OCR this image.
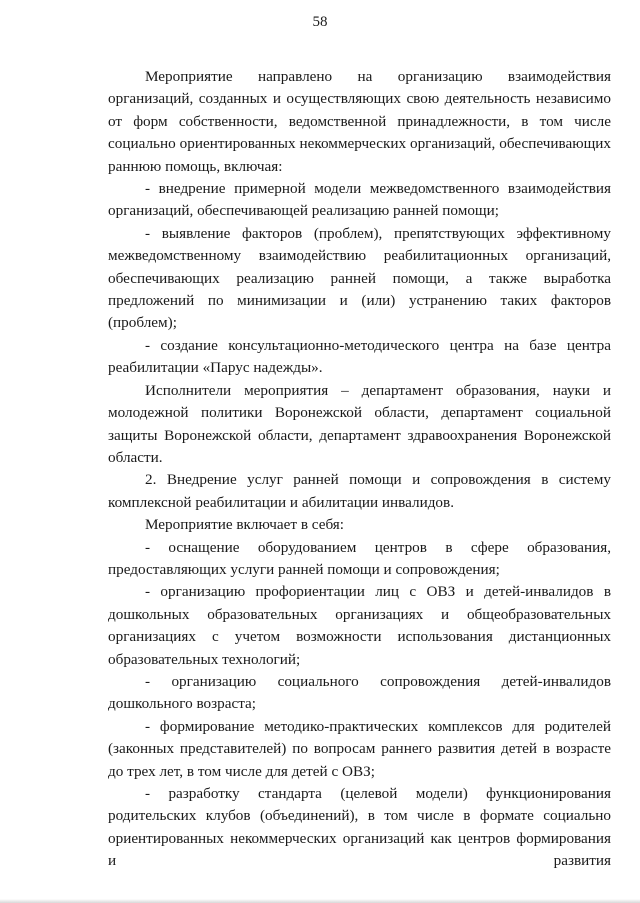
58

Мероприятие направлено на организацию взаимодействия организаций, созданных и осуществляющих свою деятельность независимо от форм собственности, ведомственной принадлежности, в том числе социально ориентированных некоммерческих организаций, обеспечивающих раннюю помощь, включая:

- внедрение примерной модели межведомственного взаимодействия организаций, обеспечивающей реализацию ранней помощи;

- выявление факторов (проблем), препятствующих эффективному межведомственному взаимодействию реабилитационных организаций, обеспечивающих реализацию ранней помощи, а также выработка предложений по минимизации и (или) устранению таких факторов (проблем);

- создание консультационно-методического центра на базе центра реабилитации «Парус надежды».

Исполнители мероприятия – департамент образования, науки и молодежной политики Воронежской области, департамент социальной защиты Воронежской области, департамент здравоохранения Воронежской области.

2. Внедрение услуг ранней помощи и сопровождения в систему комплексной реабилитации и абилитации инвалидов.

Мероприятие включает в себя:

- оснащение оборудованием центров в сфере образования, предоставляющих услуги ранней помощи и сопровождения;

- организацию профориентации лиц с ОВЗ и детей-инвалидов в дошкольных образовательных организациях и общеобразовательных организациях с учетом возможности использования дистанционных образовательных технологий;

- организацию социального сопровождения детей-инвалидов дошкольного возраста;

- формирование методико-практических комплексов для родителей (законных представителей) по вопросам раннего развития детей в возрасте до трех лет, в том числе для детей с ОВЗ;

- разработку стандарта (целевой модели) функционирования родительских клубов (объединений), в том числе в формате социально ориентированных некоммерческих организаций как центров формирования и развития
